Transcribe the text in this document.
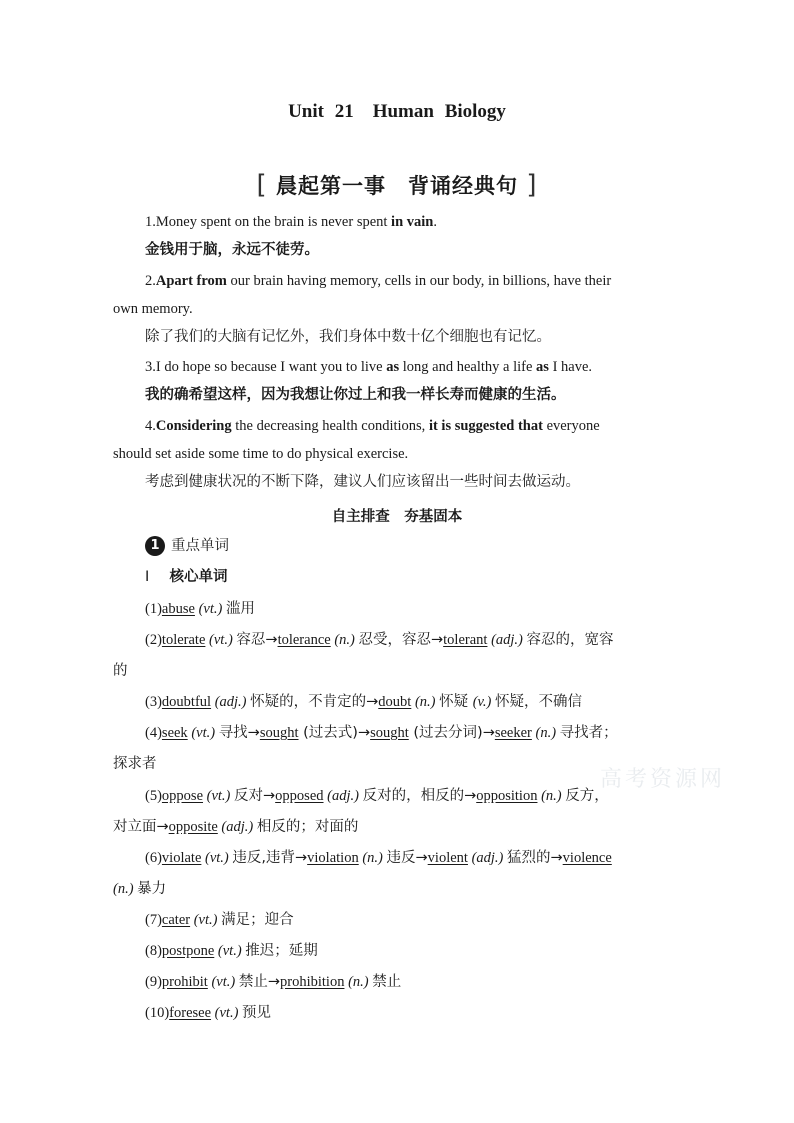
Unit 21　Human Biology
[ 晨起第一事　背诵经典句 ]
1.Money spent on the brain is never spent in vain.
金钱用于脑，永远不徒劳。
2.Apart from our brain having memory, cells in our body, in billions, have their
own memory.
除了我们的大脑有记忆外，我们身体中数十亿个细胞也有记忆。
3.I do hope so because I want you to live as long and healthy a life as I have.
我的确希望这样，因为我想让你过上和我一样长寿而健康的生活。
4.Considering the decreasing health conditions, it is suggested that everyone
should set aside some time to do physical exercise.
考虑到健康状况的不断下降，建议人们应该留出一些时间去做运动。
自主排查　夯基固本
1 重点单词
Ⅰ 核心单词
(1)abuse (vt.) 滥用
(2)tolerate (vt.) 容忍→tolerance (n.) 忍受，容忍→tolerant (adj.) 容忍的，宽容
的
(3)doubtful (adj.) 怀疑的，不肯定的→doubt (n.) 怀疑 (v.) 怀疑，不确信
(4)seek (vt.) 寻找→sought (过去式)→sought (过去分词)→seeker (n.) 寻找者；
探求者
(5)oppose (vt.) 反对→opposed (adj.) 反对的，相反的→opposition (n.) 反方，
对立面→opposite (adj.) 相反的；对面的
(6)violate (vt.) 违反,违背→violation (n.) 违反→violent (adj.) 猛烈的→violence
(n.) 暴力
(7)cater (vt.) 满足；迎合
(8)postpone (vt.) 推迟；延期
(9)prohibit (vt.) 禁止→prohibition (n.) 禁止
(10)foresee (vt.) 预见
高考资源网
